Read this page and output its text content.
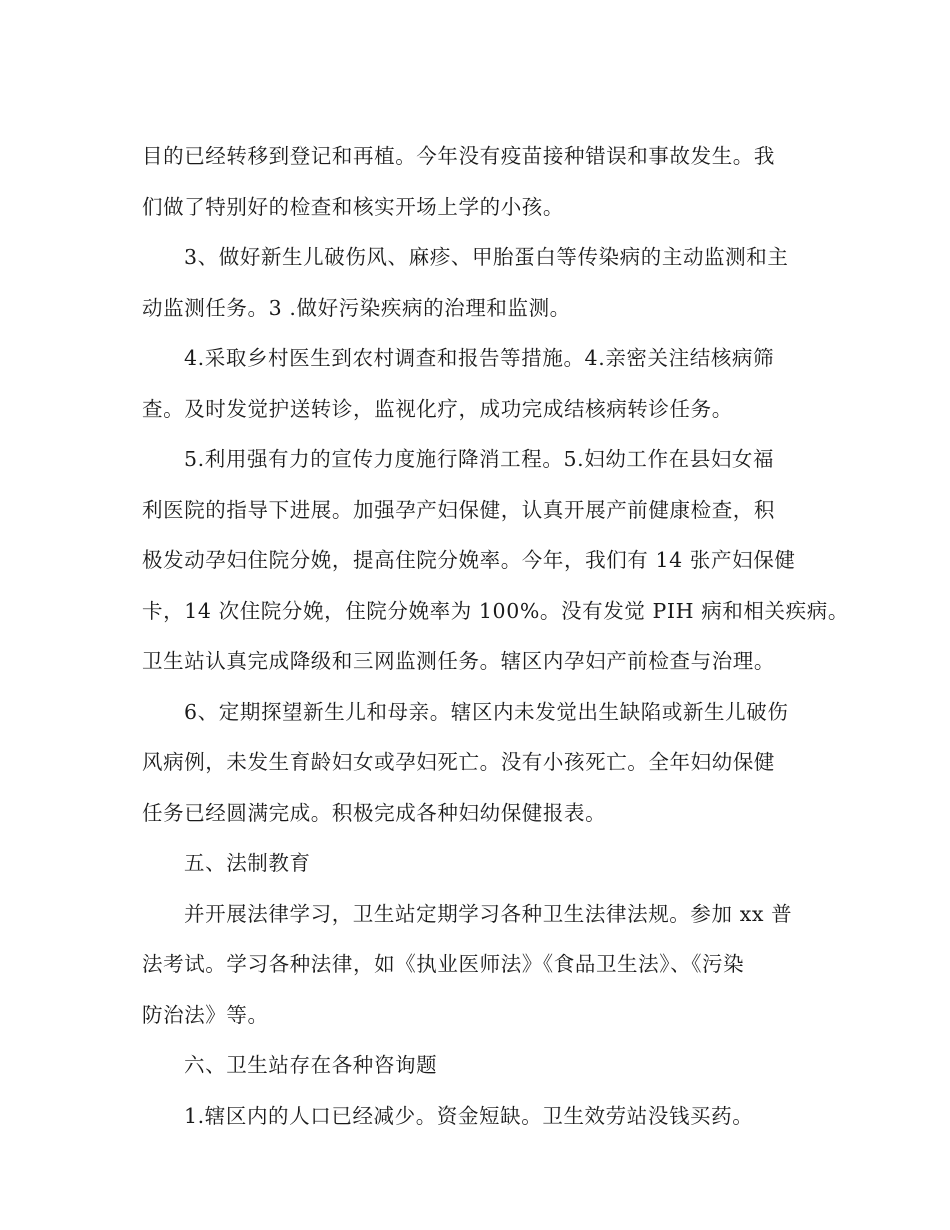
目的已经转移到登记和再植。今年没有疫苗接种错误和事故发生。我
们做了特别好的检查和核实开场上学的小孩。
3、做好新生儿破伤风、麻疹、甲胎蛋白等传染病的主动监测和主
动监测任务。3 .做好污染疾病的治理和监测。
4.采取乡村医生到农村调查和报告等措施。4.亲密关注结核病筛
查。及时发觉护送转诊，监视化疗，成功完成结核病转诊任务。
5.利用强有力的宣传力度施行降消工程。5.妇幼工作在县妇女福
利医院的指导下进展。加强孕产妇保健，认真开展产前健康检查，积
极发动孕妇住院分娩，提高住院分娩率。今年，我们有 14 张产妇保健
卡，14 次住院分娩，住院分娩率为 100%。没有发觉 PIH 病和相关疾病。
卫生站认真完成降级和三网监测任务。辖区内孕妇产前检查与治理。
6、定期探望新生儿和母亲。辖区内未发觉出生缺陷或新生儿破伤
风病例，未发生育龄妇女或孕妇死亡。没有小孩死亡。全年妇幼保健
任务已经圆满完成。积极完成各种妇幼保健报表。
五、法制教育
并开展法律学习，卫生站定期学习各种卫生法律法规。参加 xx 普
法考试。学习各种法律，如《执业医师法》《食品卫生法》、《污染
防治法》等。
六、卫生站存在各种咨询题
1.辖区内的人口已经减少。资金短缺。卫生效劳站没钱买药。
